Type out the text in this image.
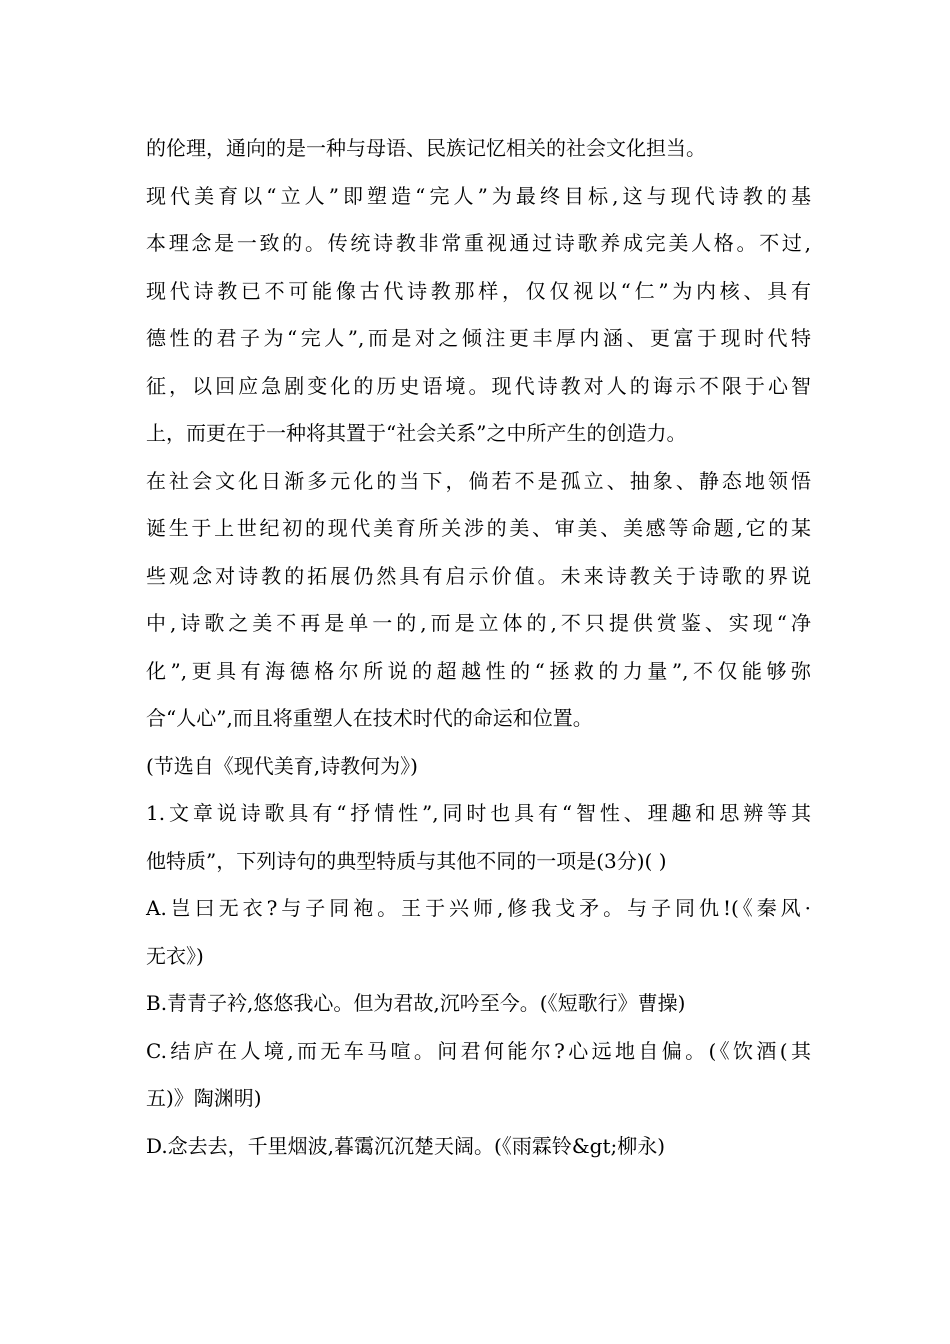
的伦理，通向的是一种与母语、民族记忆相关的社会文化担当。
现代美育以“立人”即塑造“完人”为最终目标,这与现代诗教的基
本理念是一致的。传统诗教非常重视通过诗歌养成完美人格。不过,
现代诗教已不可能像古代诗教那样，仅仅视以“仁”为内核、具有
德性的君子为“完人”,而是对之倾注更丰厚内涵、更富于现时代特
征，以回应急剧变化的历史语境。现代诗教对人的诲示不限于心智
上，而更在于一种将其置于“社会关系”之中所产生的创造力。
在社会文化日渐多元化的当下，倘若不是孤立、抽象、静态地领悟
诞生于上世纪初的现代美育所关涉的美、审美、美感等命题,它的某
些观念对诗教的拓展仍然具有启示价值。未来诗教关于诗歌的界说
中,诗歌之美不再是单一的,而是立体的,不只提供赏鉴、实现“净
化”,更具有海德格尔所说的超越性的“拯救的力量”,不仅能够弥
合“人心”,而且将重塑人在技术时代的命运和位置。
(节选自《现代美育,诗教何为》)
1.文章说诗歌具有“抒情性”,同时也具有“智性、理趣和思辨等其
他特质”，下列诗句的典型特质与其他不同的一项是(3分)( )
A.岂曰无衣?与子同袍。王于兴师,修我戈矛。与子同仇!(《秦风·
无衣》)
B.青青子衿,悠悠我心。但为君故,沉吟至今。(《短歌行》曹操)
C.结庐在人境,而无车马喧。问君何能尔?心远地自偏。(《饮酒(其
五)》陶渊明)
D.念去去，千里烟波,暮霭沉沉楚天阔。(《雨霖铃&gt;柳永)
